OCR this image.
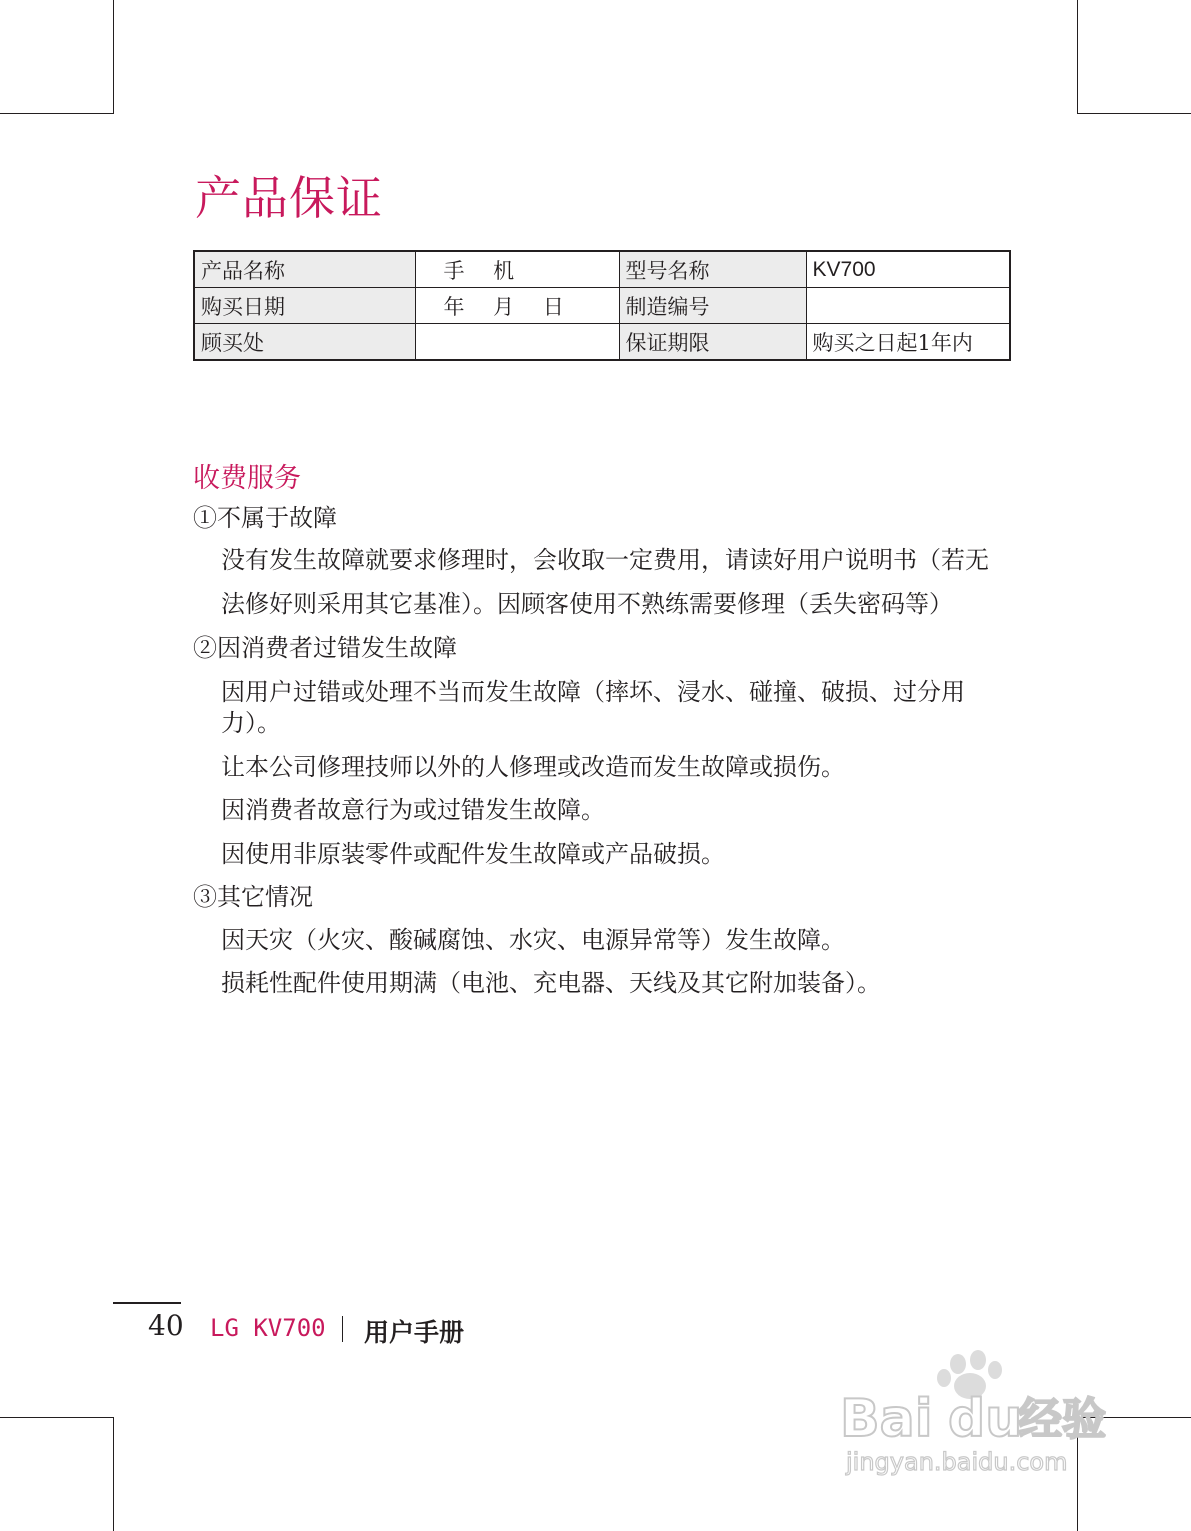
产品保证
产品名称	手 机	型号名称	KV700
购买日期	年 月 日	制造编号	
顾买处		保证期限	购买之日起1年内
收费服务
①不属于故障
没有发生故障就要求修理时，会收取一定费用，请读好用户说明书（若无
法修好则采用其它基准）。因顾客使用不熟练需要修理（丢失密码等）
②因消费者过错发生故障
因用户过错或处理不当而发生故障（摔坏、浸水、碰撞、破损、过分用
力）。
让本公司修理技师以外的人修理或改造而发生故障或损伤。
因消费者故意行为或过错发生故障。
因使用非原装零件或配件发生故障或产品破损。
③其它情况
因天灾（火灾、酸碱腐蚀、水灾、电源异常等）发生故障。
损耗性配件使用期满（电池、充电器、天线及其它附加装备）。
40 LG KV700 用户手册
Bai du
经验
jingyan.baidu.com
